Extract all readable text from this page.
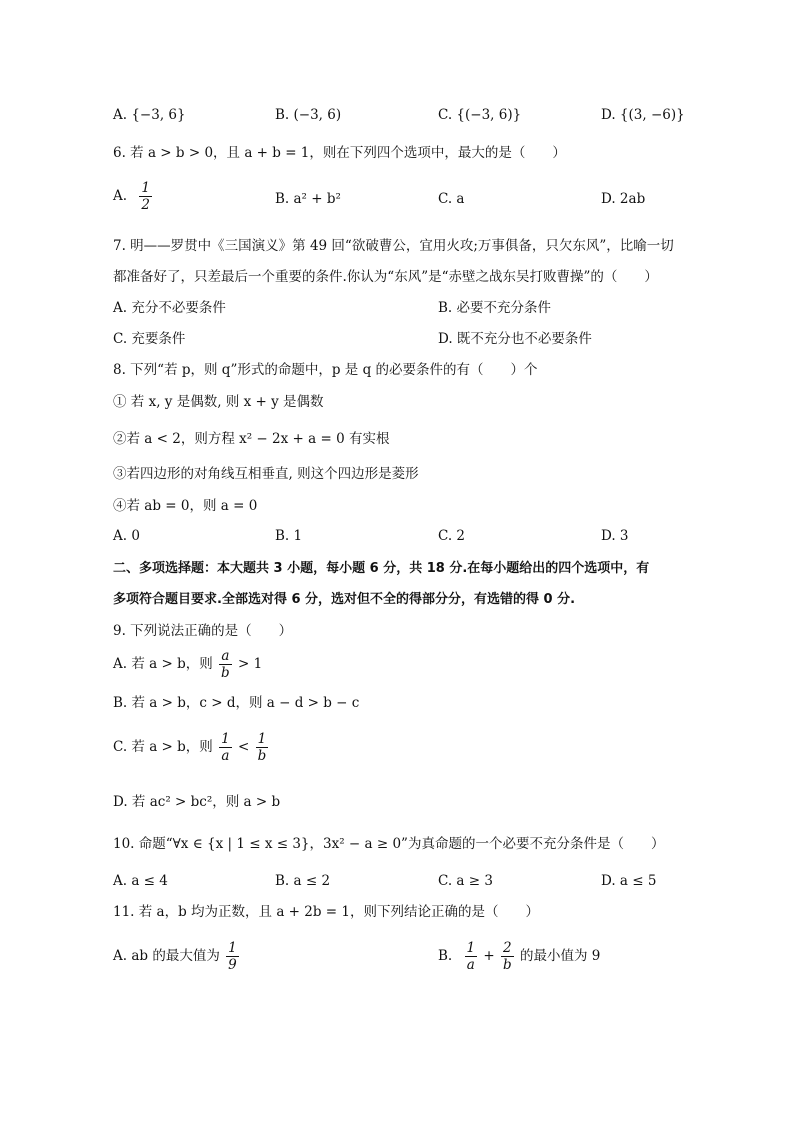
A. {−3, 6}	B. (−3, 6)	C. {(−3, 6)}	D. {(3, −6)}
6. 若 a > b > 0，且 a + b = 1，则在下列四个选项中，最大的是（　　）
A. $\frac{1}{2}$	B. a² + b²	C. a	D. 2ab
7. 明——罗贯中《三国演义》第 49 回“欲破曹公，宜用火攻;万事俱备，只欠东风”，比喻一切
都准备好了，只差最后一个重要的条件.你认为“东风”是“赤壁之战东吴打败曹操”的（　　）
A. 充分不必要条件	B. 必要不充分条件
C. 充要条件	D. 既不充分也不必要条件
8. 下列“若 p，则 q”形式的命题中，p 是 q 的必要条件的有（　　）个
① 若 x, y 是偶数, 则 x + y 是偶数
②若 a < 2，则方程 x² − 2x + a = 0 有实根
③若四边形的对角线互相垂直, 则这个四边形是菱形
④若 ab = 0，则 a = 0
A. 0	B. 1	C. 2	D. 3
二、多项选择题：本大题共 3 小题，每小题 6 分，共 18 分.在每小题给出的四个选项中，有
多项符合题目要求.全部选对得 6 分，选对但不全的得部分分，有选错的得 0 分.
9. 下列说法正确的是（　　）
A. 若 a > b，则 $\frac{a}{b} > 1$
B. 若 a > b，c > d，则 a − d > b − c
C. 若 a > b，则 $\frac{1}{a} < \frac{1}{b}$
D. 若 ac² > bc²，则 a > b
10. 命题“∀x ∈ {x | 1 ≤ x ≤ 3}，3x² − a ≥ 0”为真命题的一个必要不充分条件是（　　）
A. a ≤ 4	B. a ≤ 2	C. a ≥ 3	D. a ≤ 5
11. 若 a，b 均为正数，且 a + 2b = 1，则下列结论正确的是（　　）
A. ab 的最大值为 $\frac{1}{9}$	B. $\frac{1}{a} + \frac{2}{b}$ 的最小值为 9
